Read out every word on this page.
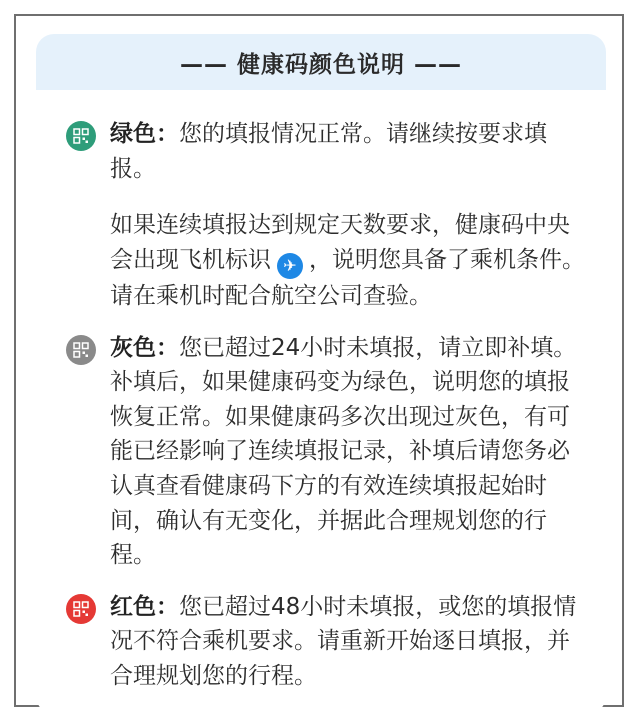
—— 健康码颜色说明 ——

绿色：您的填报情况正常。请继续按要求填报。

如果连续填报达到规定天数要求，健康码中央会出现飞机标识 ✈ ，说明您具备了乘机条件。请在乘机时配合航空公司查验。

灰色：您已超过24小时未填报，请立即补填。补填后，如果健康码变为绿色，说明您的填报恢复正常。如果健康码多次出现过灰色，有可能已经影响了连续填报记录，补填后请您务必认真查看健康码下方的有效连续填报起始时间，确认有无变化，并据此合理规划您的行程。

红色：您已超过48小时未填报，或您的填报情况不符合乘机要求。请重新开始逐日填报，并合理规划您的行程。
